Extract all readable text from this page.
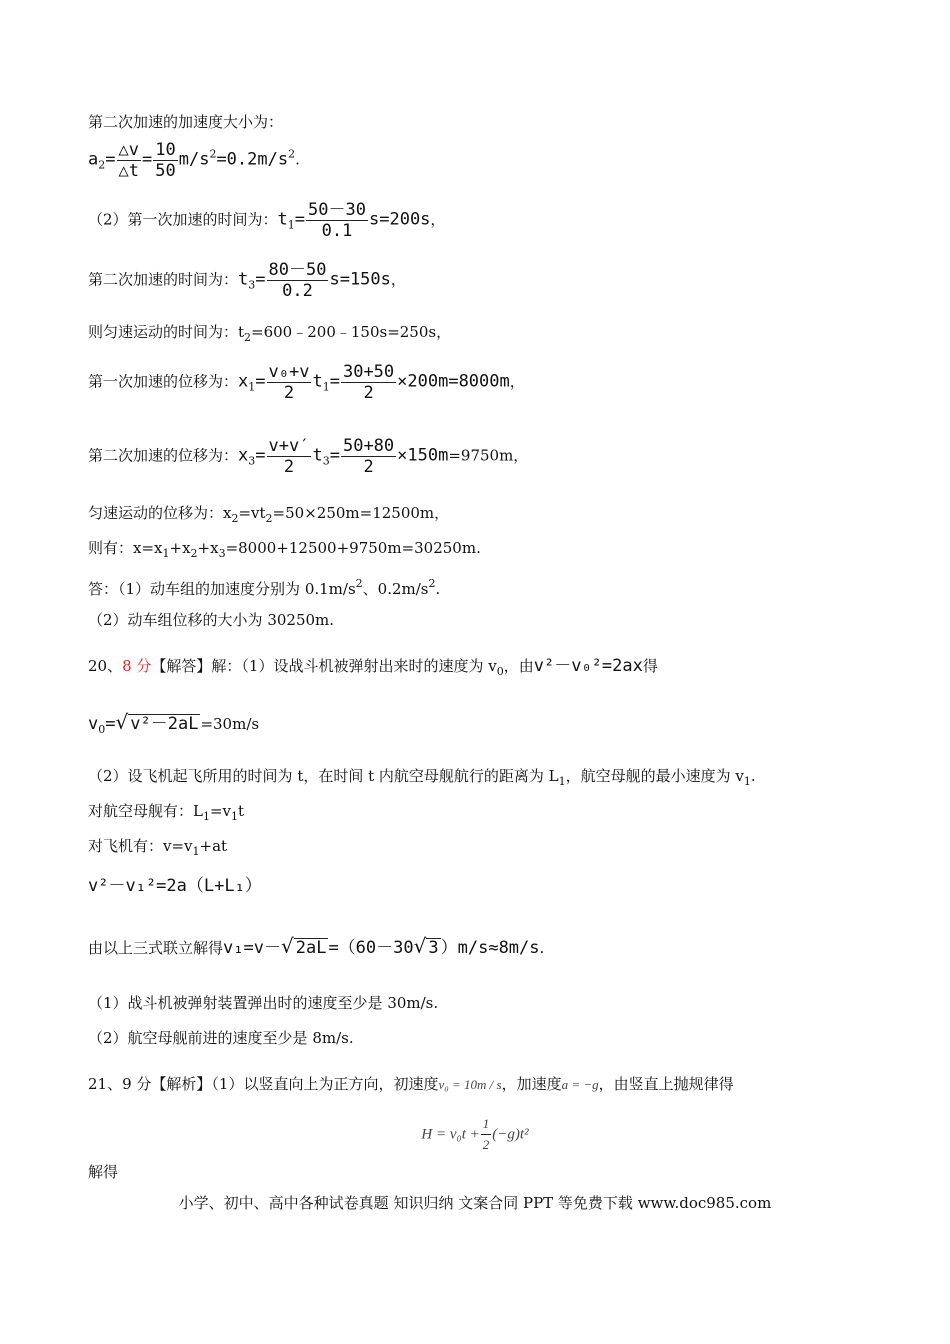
第二次加速的加速度大小为：
$a_2= \frac{\triangle v}{\triangle t} = \frac{10}{50} m/s^2=0.2m/s^2$.
（2）第一次加速的时间为：$t_1= \frac{50-30}{0.1} s=200s$，
第二次加速的时间为：$t_3= \frac{80-50}{0.2} s=150s$，
则匀速运动的时间为：$t_2=600﹣200﹣150s=250s$，
第一次加速的位移为：$x_1= \frac{\text{v₀+v}}{2} t_1= \frac{30+50}{2} \times 200m=8000m$，
第二次加速的位移为：$x_3= \frac{v+v'}{2} t_3= \frac{50+80}{2} \times 150m=9750m$，
匀速运动的位移为：$x_2=vt_2=50\times 250m=12500m$，
则有：$x=x_1+x_2+x_3=8000+12500+9750m=30250m$.
答：（1）动车组的加速度分别为 $0.1m/s^2$、$0.2m/s^2$.
（2）动车组位移的大小为 30250m.
20、8 分【解答】解：（1）设战斗机被弹射出来时的速度为 $v_0$，由v²－v₀²=2ax得
$v_0=√$ v²－2aL =30m/s
（2）设飞机起飞所用的时间为 t，在时间 t 内航空母舰航行的距离为 $L_1$，航空母舰的最小速度为 $v_1$.
对航空母舰有：$L_1=v_1t$
对飞机有：$v=v_1+at$
v²－v₁²=2a（L+L₁）
由以上三式联立解得v₁=v－√ 2aL =（60－30√ 3 ）m/s≈8m/s.
（1）战斗机被弹射装置弹出时的速度至少是 30m/s.
（2）航空母舰前进的速度至少是 8m/s.
21、9 分【解析】（1）以竖直向上为正方向，初速度v₀ = 10m / s，加速度a = −g，由竖直上抛规律得
$H = v_0t + \frac{1}{2} (-g)t^2$
解得
小学、初中、高中各种试卷真题 知识归纳 文案合同 PPT 等免费下载 www.doc985.com
